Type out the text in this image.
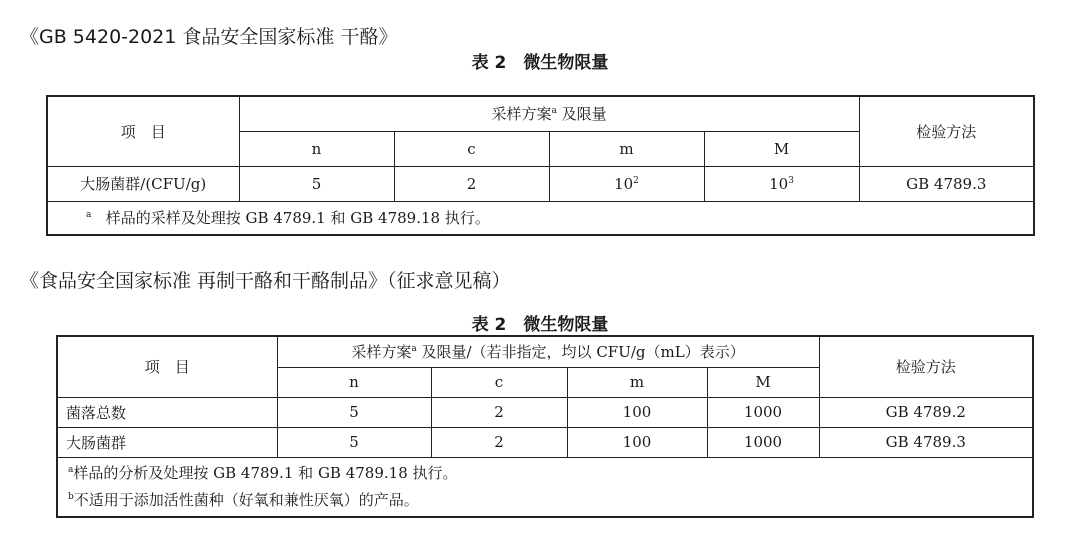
《GB 5420-2021 食品安全国家标准 干酪》
表 2　微生物限量
项　目	采样方案$^a$ 及限量				检验方法
	n	c	m	M	
大肠菌群/(CFU/g)	5	2	$10^2$	$10^3$	GB 4789.3
$^a$ 样品的采样及处理按 GB 4789.1 和 GB 4789.18 执行。					
《食品安全国家标准 再制干酪和干酪制品》（征求意见稿）
表 2　微生物限量
项　目	采样方案$^a$ 及限量/（若非指定，均以 CFU/g（mL）表示）				检验方法
	n	c	m	M	
菌落总数	5	2	100	1000	GB 4789.2
大肠菌群	5	2	100	1000	GB 4789.3

$^a$样品的分析及处理按 GB 4789.1 和 GB 4789.18 执行。
$^b$不适用于添加活性菌种（好氧和兼性厌氧）的产品。					
